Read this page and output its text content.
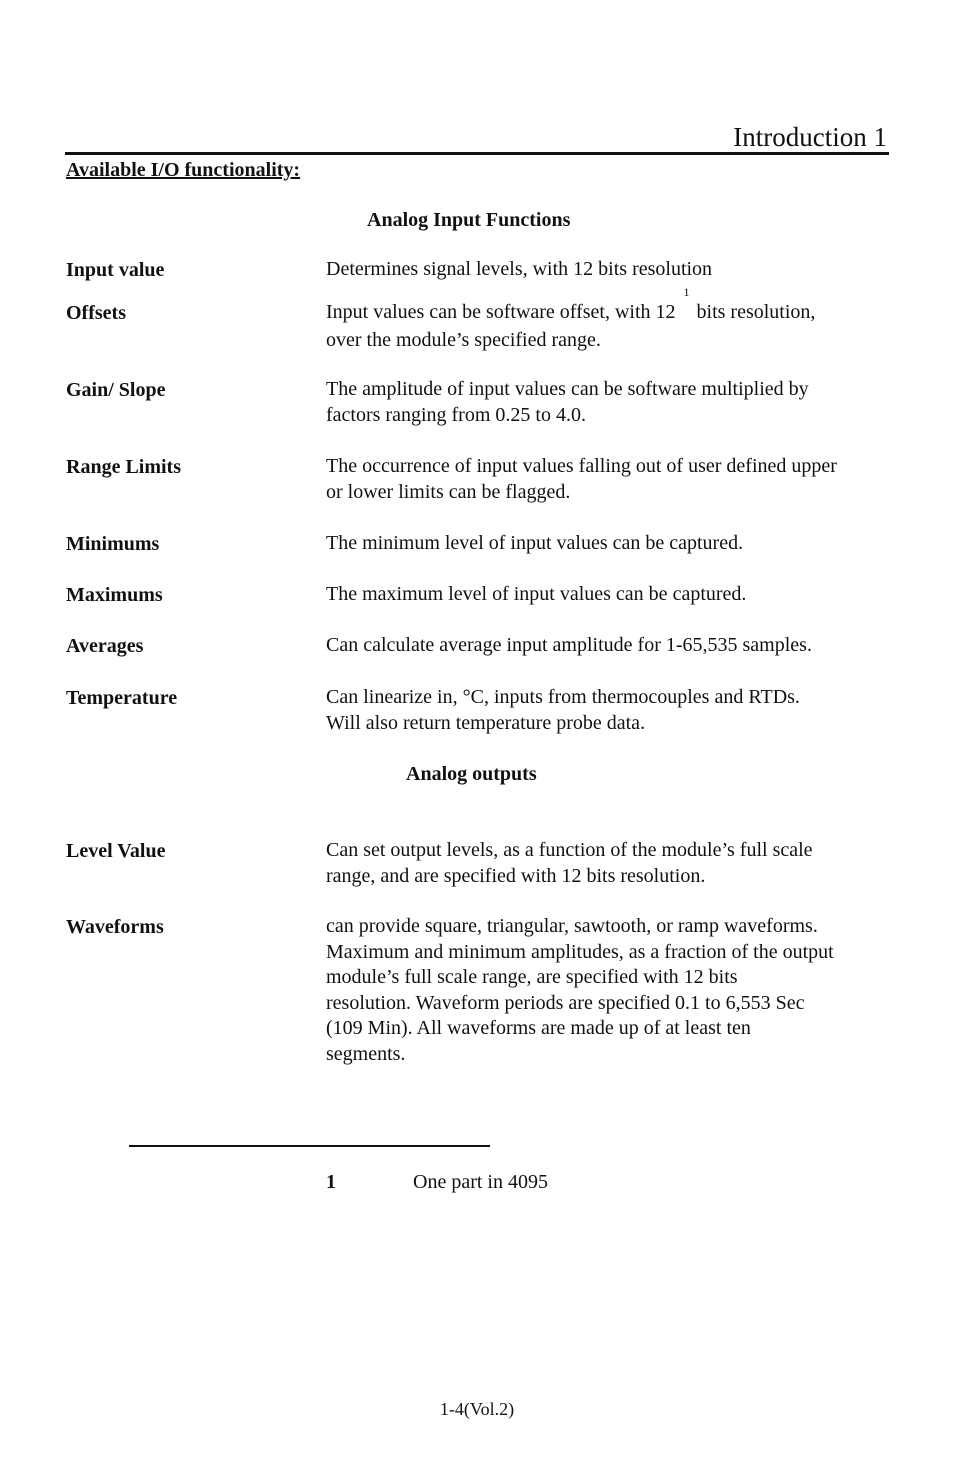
Introduction 1
Available I/O functionality:
Analog Input Functions
Input value	Determines signal levels, with 12 bits resolution
Offsets	Input values can be software offset, with 12$^1$  bits resolution,
over the module’s specified range.
Gain/ Slope	The amplitude of input values can be software multiplied by
factors ranging from 0.25 to 4.0.
Range Limits	The occurrence of input values falling out of user defined upper
or lower limits can be flagged.
Minimums	The minimum level of input values can be captured.
Maximums	The maximum level of input values can be captured.
Averages	Can calculate average input amplitude for 1-65,535 samples.
Temperature	Can linearize in, °C, inputs from thermocouples and RTDs.
Will also return temperature probe data.
Analog outputs
Level Value	Can set output levels, as a function of the module’s full scale
range, and are specified with 12 bits resolution.
Waveforms	can provide square, triangular, sawtooth, or ramp waveforms.
Maximum and minimum amplitudes, as a fraction of the output
module’s full scale range, are specified with 12 bits
resolution. Waveform periods are specified 0.1 to 6,553 Sec
(109 Min). All waveforms are made up of at least ten
segments.
1	One part in 4095
1-4(Vol.2)
